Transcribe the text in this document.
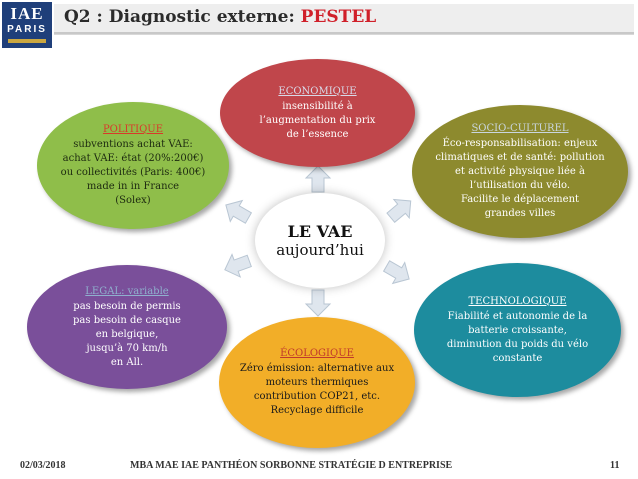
IAE
PARIS
Q2 : Diagnostic externe: PESTEL
ECONOMIQUE
insensibilité à
l’augmentation du prix
de l’essence	SOCIO-CULTUREL
Éco-responsabilisation: enjeux
climatiques et de santé: pollution
et activité physique liée à
l’utilisation du vélo.
Facilite le déplacement
grandes villes
POLITIQUE
subventions achat VAE:
achat VAE: état (20%:200€)
ou collectivités (Paris: 400€)
made in in France
(Solex)
LEGAL: variable
pas besoin de permis
pas besoin de casque
en belgique,
jusqu’à 70 km/h
en All.
TECHNOLOGIQUE
Fiabilité et autonomie de la
batterie croissante,
diminution du poids du vélo
constante
ÉCOLOGIQUE
Zéro émission: alternative aux
moteurs thermiques
contribution COP21, etc.
Recyclage difficile
LE VAE
aujourd’hui
02/03/2018	MBA MAE IAE PANTHÉON SORBONNE STRATÉGIE D ENTREPRISE	11
